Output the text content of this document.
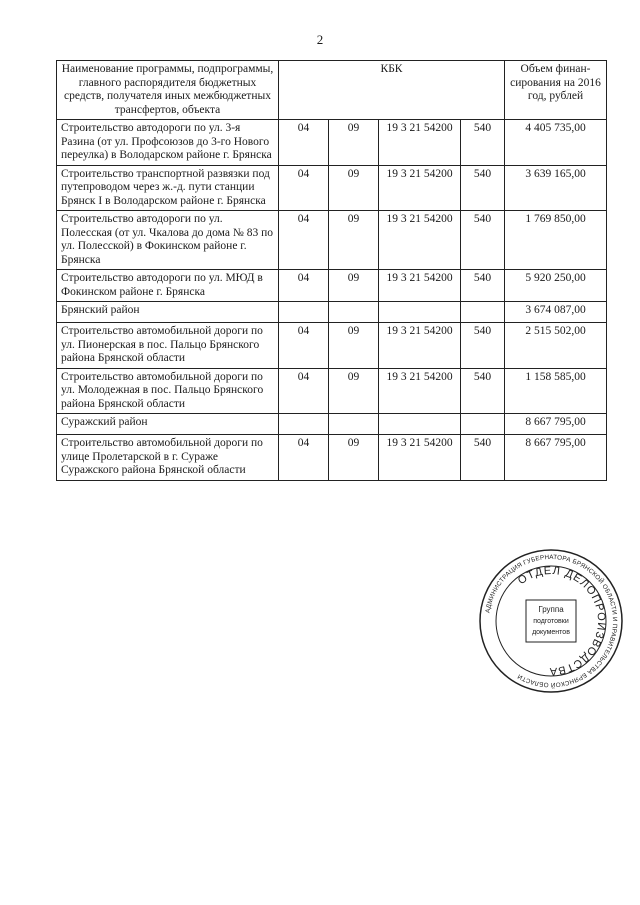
2
Наименование программы, подпрограммы, главного распорядителя бюджетных средств, получателя иных межбюджетных трансфертов, объекта	КБК				Объем финан-сирования на 2016 год, рублей
Строительство автодороги по ул. 3-я Разина (от ул. Профсоюзов до 3-го Нового переулка) в Володарском районе г. Брянска	04	09	19 3 21 54200	540	4 405 735,00
Строительство транспортной развязки под путепроводом через ж.-д. пути станции Брянск I в Володарском районе г. Брянска	04	09	19 3 21 54200	540	3 639 165,00
Строительство автодороги по ул. Полесская (от ул. Чкалова до дома № 83 по ул. Полесской) в Фокинском районе г. Брянска	04	09	19 3 21 54200	540	1 769 850,00
Строительство автодороги по ул. МЮД в Фокинском районе г. Брянска	04	09	19 3 21 54200	540	5 920 250,00
Брянский район					3 674 087,00
Строительство автомобильной дороги по ул. Пионерская в пос. Пальцо Брянского района Брянской области	04	09	19 3 21 54200	540	2 515 502,00
Строительство автомобильной дороги по ул. Молодежная в пос. Пальцо Брянского района Брянской области	04	09	19 3 21 54200	540	1 158 585,00
Суражский район					8 667 795,00
Строительство автомобильной дороги по улице Пролетарской в г. Сураже Суражского района Брянской области	04	09	19 3 21 54200	540	8 667 795,00
АДМИНИСТРАЦИЯ ГУБЕРНАТОРА БРЯНСКОЙ ОБЛАСТИ И ПРАВИТЕЛЬСТВА БРЯНСКОЙ ОБЛАСТИ
ОТДЕЛ ДЕЛОПРОИЗВОДСТВА
Группа
подготовки
документов
